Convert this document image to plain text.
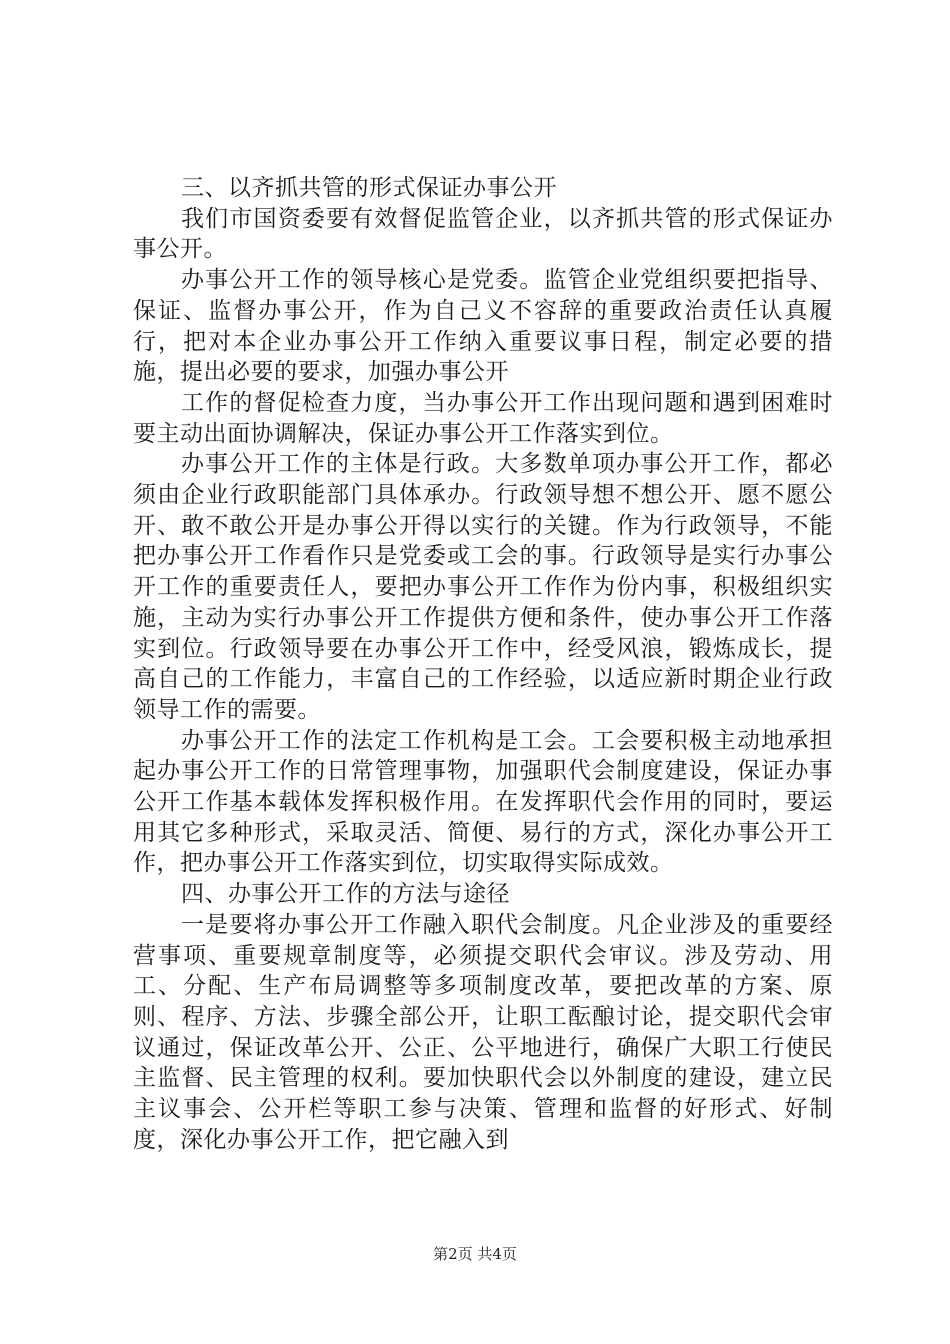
三、以齐抓共管的形式保证办事公开

我们市国资委要有效督促监管企业，以齐抓共管的形式保证办事公开。

办事公开工作的领导核心是党委。监管企业党组织要把指导、保证、监督办事公开，作为自己义不容辞的重要政治责任认真履行，把对本企业办事公开工作纳入重要议事日程，制定必要的措施，提出必要的要求，加强办事公开

工作的督促检查力度，当办事公开工作出现问题和遇到困难时要主动出面协调解决，保证办事公开工作落实到位。

办事公开工作的主体是行政。大多数单项办事公开工作，都必须由企业行政职能部门具体承办。行政领导想不想公开、愿不愿公开、敢不敢公开是办事公开得以实行的关键。作为行政领导，不能把办事公开工作看作只是党委或工会的事。行政领导是实行办事公开工作的重要责任人，要把办事公开工作作为份内事，积极组织实施，主动为实行办事公开工作提供方便和条件，使办事公开工作落实到位。行政领导要在办事公开工作中，经受风浪，锻炼成长，提高自己的工作能力，丰富自己的工作经验，以适应新时期企业行政领导工作的需要。

办事公开工作的法定工作机构是工会。工会要积极主动地承担起办事公开工作的日常管理事物，加强职代会制度建设，保证办事公开工作基本载体发挥积极作用。在发挥职代会作用的同时，要运用其它多种形式，采取灵活、简便、易行的方式，深化办事公开工作，把办事公开工作落实到位，切实取得实际成效。

四、办事公开工作的方法与途径

一是要将办事公开工作融入职代会制度。凡企业涉及的重要经营事项、重要规章制度等，必须提交职代会审议。涉及劳动、用工、分配、生产布局调整等多项制度改革，要把改革的方案、原则、程序、方法、步骤全部公开，让职工酝酿讨论，提交职代会审议通过，保证改革公开、公正、公平地进行，确保广大职工行使民主监督、民主管理的权利。要加快职代会以外制度的建设，建立民主议事会、公开栏等职工参与决策、管理和监督的好形式、好制度，深化办事公开工作，把它融入到

第2页 共4页
